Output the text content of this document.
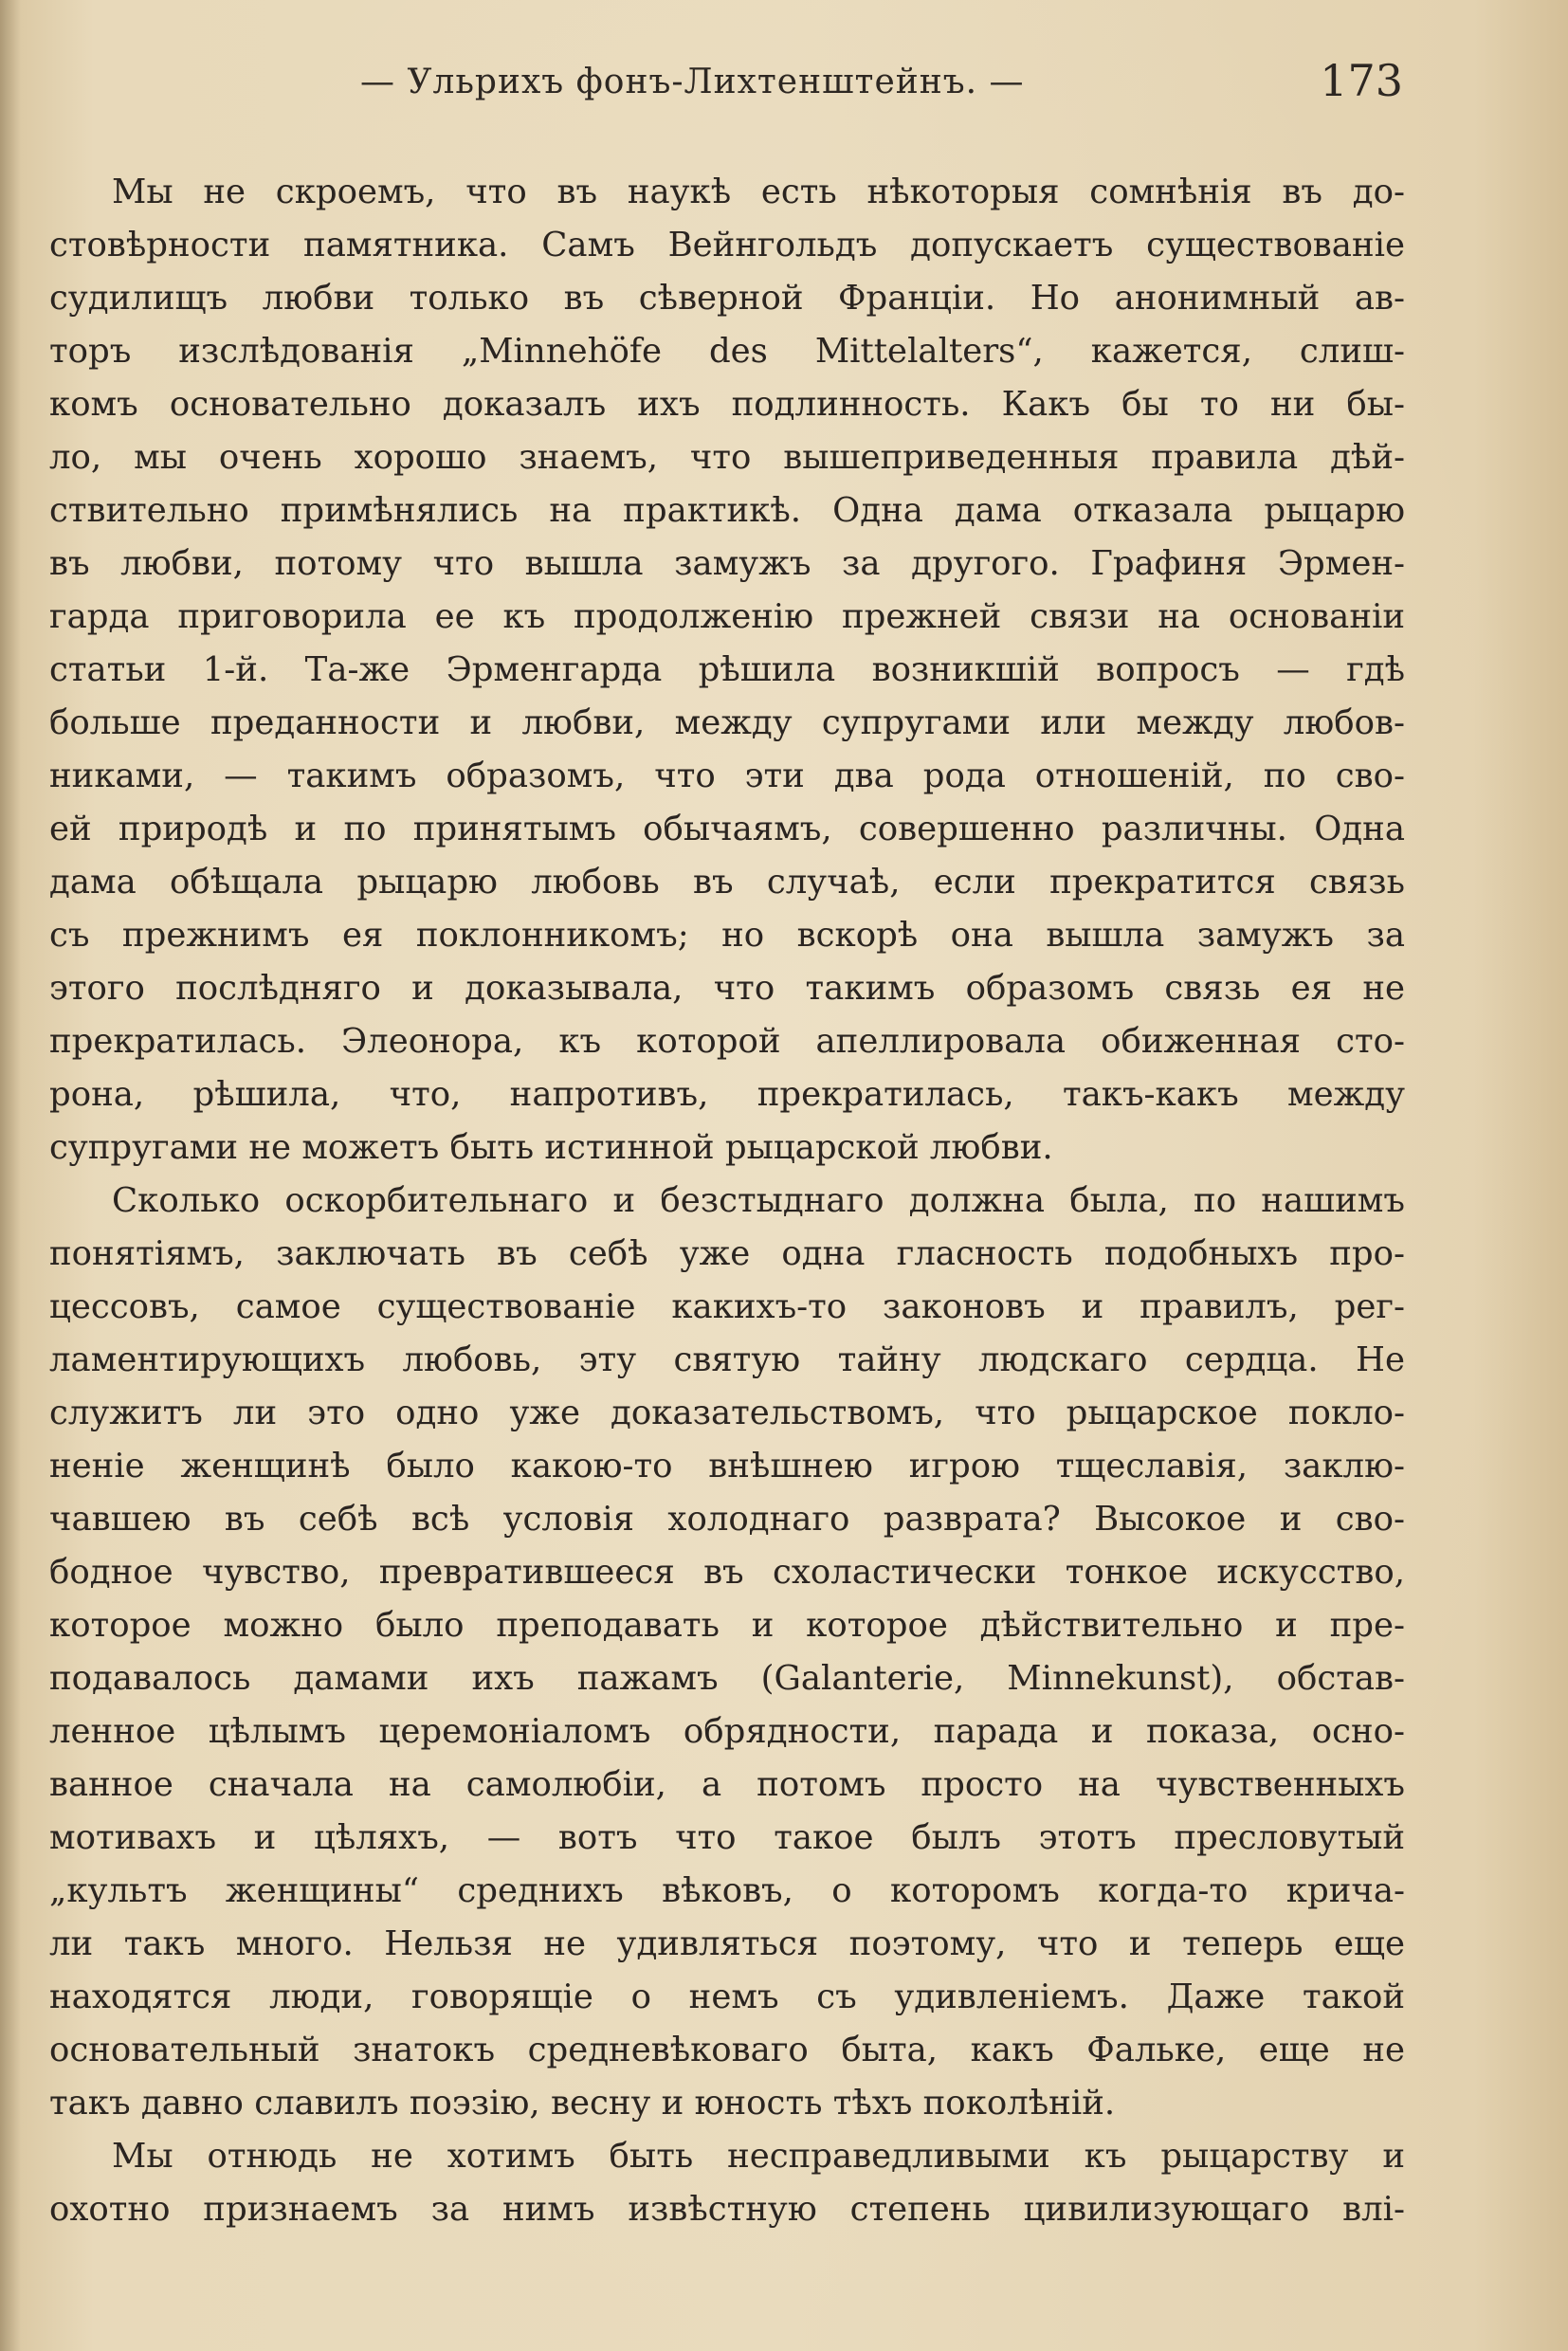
— Ульрихъ фонъ-Лихтенштейнъ. —	173
Мы не скроемъ, что въ наукѣ есть нѣкоторыя сомнѣнія въ до-
стовѣрности памятника. Самъ Вейнгольдъ допускаетъ существованіе
судилищъ любви только въ сѣверной Франціи. Но анонимный ав-
торъ изслѣдованія „Minnehöfe des Mittelalters“, кажется, слиш-
комъ основательно доказалъ ихъ подлинность. Какъ бы то ни бы-
ло, мы очень хорошо знаемъ, что вышеприведенныя правила дѣй-
ствительно примѣнялись на практикѣ. Одна дама отказала рыцарю
въ любви, потому что вышла замужъ за другого. Графиня Эрмен-
гарда приговорила ее къ продолженію прежней связи на основаніи
статьи 1-й. Та-же Эрменгарда рѣшила возникшій вопросъ — гдѣ
больше преданности и любви, между супругами или между любов-
никами, — такимъ образомъ, что эти два рода отношеній, по сво-
ей природѣ и по принятымъ обычаямъ, совершенно различны. Одна
дама обѣщала рыцарю любовь въ случаѣ, если прекратится связь
съ прежнимъ ея поклонникомъ; но вскорѣ она вышла замужъ за
этого послѣдняго и доказывала, что такимъ образомъ связь ея не
прекратилась. Элеонора, къ которой апеллировала обиженная сто-
рона, рѣшила, что, напротивъ, прекратилась, такъ-какъ между
супругами не можетъ быть истинной рыцарской любви.
Сколько оскорбительнаго и безстыднаго должна была, по нашимъ
понятіямъ, заключать въ себѣ уже одна гласность подобныхъ про-
цессовъ, самое существованіе какихъ-то законовъ и правилъ, рег-
ламентирующихъ любовь, эту святую тайну людскаго сердца. Не
служитъ ли это одно уже доказательствомъ, что рыцарское покло-
неніе женщинѣ было какою-то внѣшнею игрою тщеславія, заклю-
чавшею въ себѣ всѣ условія холоднаго разврата? Высокое и сво-
бодное чувство, превратившееся въ схоластически тонкое искусство,
которое можно было преподавать и которое дѣйствительно и пре-
подавалось дамами ихъ пажамъ (Galanterie, Minnekunst), обстав-
ленное цѣлымъ церемоніаломъ обрядности, парада и показа, осно-
ванное сначала на самолюбіи, а потомъ просто на чувственныхъ
мотивахъ и цѣляхъ, — вотъ что такое былъ этотъ пресловутый
„культъ женщины“ среднихъ вѣковъ, о которомъ когда-то крича-
ли такъ много. Нельзя не удивляться поэтому, что и теперь еще
находятся люди, говорящіе о немъ съ удивленіемъ. Даже такой
основательный знатокъ средневѣковаго быта, какъ Фальке, еще не
такъ давно славилъ поэзію, весну и юность тѣхъ поколѣній.
Мы отнюдь не хотимъ быть несправедливыми къ рыцарству и
охотно признаемъ за нимъ извѣстную степень цивилизующаго влі-
